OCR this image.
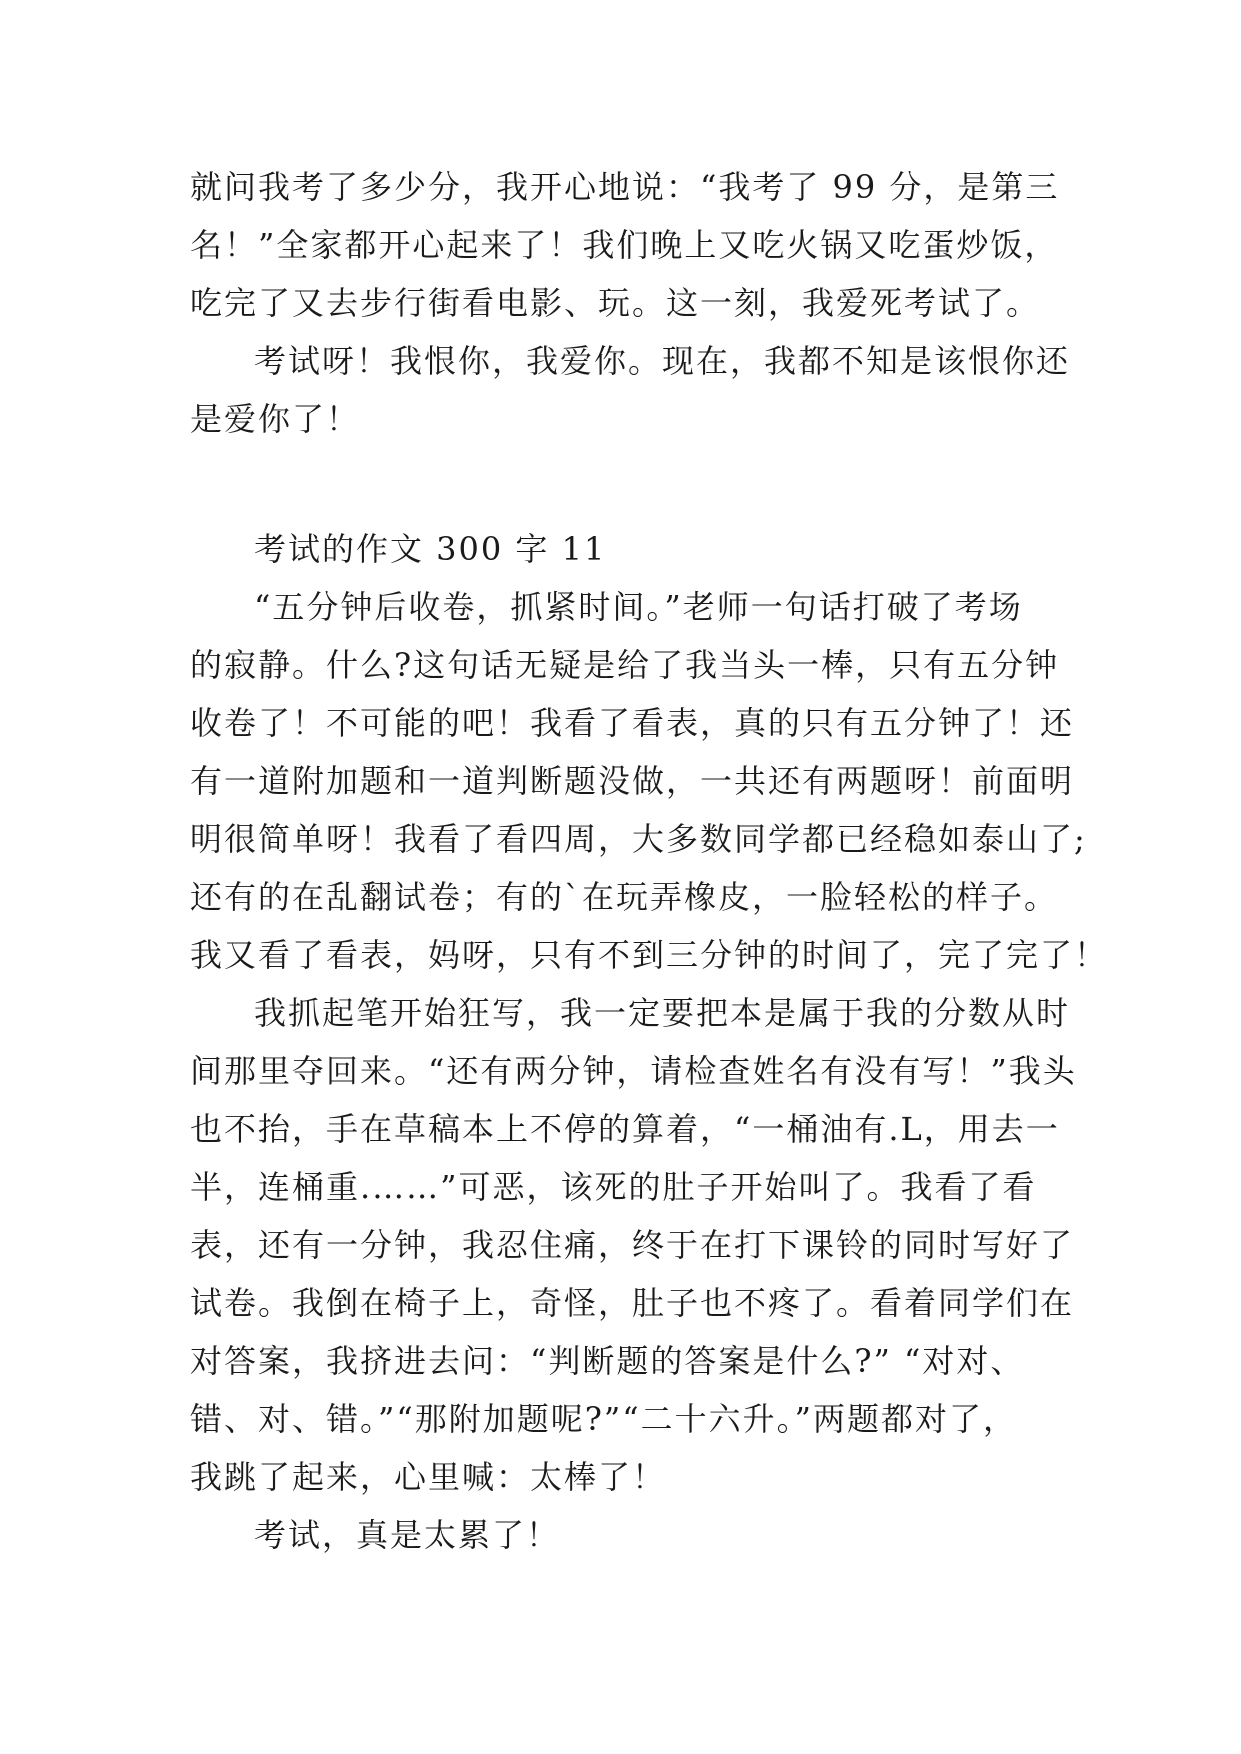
就问我考了多少分，我开心地说：“我考了 99 分，是第三
名！”全家都开心起来了！我们晚上又吃火锅又吃蛋炒饭，
吃完了又去步行街看电影、玩。这一刻，我爱死考试了。
考试呀！我恨你，我爱你。现在，我都不知是该恨你还
是爱你了！
考试的作文 300 字 11
“五分钟后收卷，抓紧时间。”老师一句话打破了考场
的寂静。什么?这句话无疑是给了我当头一棒，只有五分钟
收卷了！不可能的吧！我看了看表，真的只有五分钟了！还
有一道附加题和一道判断题没做，一共还有两题呀！前面明
明很简单呀！我看了看四周，大多数同学都已经稳如泰山了;
还有的在乱翻试卷；有的`在玩弄橡皮，一脸轻松的样子。
我又看了看表，妈呀，只有不到三分钟的时间了，完了完了！
我抓起笔开始狂写，我一定要把本是属于我的分数从时
间那里夺回来。“还有两分钟，请检查姓名有没有写！”我头
也不抬，手在草稿本上不停的算着，“一桶油有.L，用去一
半，连桶重.……”可恶，该死的肚子开始叫了。我看了看
表，还有一分钟，我忍住痛，终于在打下课铃的同时写好了
试卷。我倒在椅子上，奇怪，肚子也不疼了。看着同学们在
对答案，我挤进去问：“判断题的答案是什么?” “对对、
错、对、错。”“那附加题呢?”“二十六升。”两题都对了，
我跳了起来，心里喊：太棒了！
考试，真是太累了！
